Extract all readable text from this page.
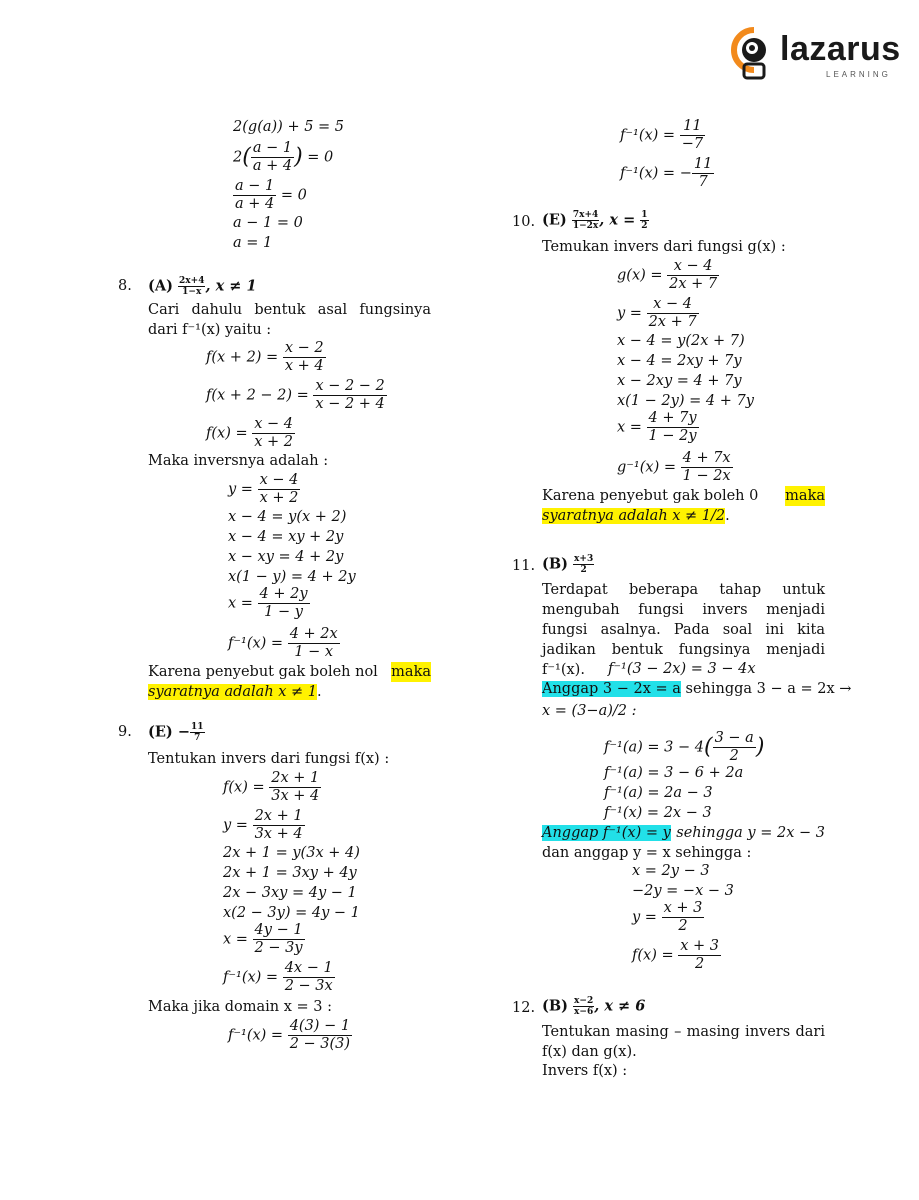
lazarus
LEARNING
2(g(a)) + 5 = 5
$2( \frac{a - 1}{a + 4}$ ) = 0
$\frac{a - 1}{a + 4} = 0$
a − 1 = 0
a = 1
8. $(A) \frac{2x+4}{1-x}$ , x ≠ 1
Cari dahulu bentuk asal fungsinya dari f⁻¹(x) yaitu :
$f(x + 2) = \frac{x - 2}{x + 4}$
$f(x + 2 - 2) = \frac{x - 2 - 2}{x - 2 + 4}$
$f(x) = \frac{x - 4}{x + 2}$
Maka inversnya adalah :
$y = \frac{x - 4}{x + 2}$
x − 4 = y(x + 2)
x − 4 = xy + 2y
x − xy = 4 + 2y
x(1 − y) = 4 + 2y
$x = \frac{4 + 2y}{1 - y}$
$f^{-1}(x) = \frac{4 + 2x}{1 - x}$
Karena penyebut gak boleh nol maka

syaratnya adalah x ≠ 1.
9. $(E) - \frac{11}{7}$
Tentukan invers dari fungsi f(x) :
$f(x) = \frac{2x + 1}{3x + 4}$
$y = \frac{2x + 1}{3x + 4}$
2x + 1 = y(3x + 4)
2x + 1 = 3xy + 4y
2x − 3xy = 4y − 1
x(2 − 3y) = 4y − 1
$x = \frac{4y - 1}{2 - 3y}$
$f^{-1}(x) = \frac{4x - 1}{2 - 3x}$
Maka jika domain x = 3 :
$f^{-1}(x) = \frac{4(3) - 1}{2 - 3(3)}$
$f^{-1}(x) = \frac{11}{-7}$
f⁻¹(x) = − $\frac{11}{7}$
10. $(E) \frac{7x+4}{1-2x}$ , $x = \frac{1}{2}$
Temukan invers dari fungsi g(x) :
$g(x) = \frac{x - 4}{2x + 7}$
$y = \frac{x - 4}{2x + 7}$
x − 4 = y(2x + 7)
x − 4 = 2xy + 7y
x − 2xy = 4 + 7y
x(1 − 2y) = 4 + 7y
$x = \frac{4 + 7y}{1 - 2y}$
$g^{-1}(x) = \frac{4 + 7x}{1 - 2x}$
Karena penyebut gak boleh 0 maka

syaratnya adalah x ≠ 1/2.
11. $(B) \frac{x+3}{2}$
Terdapat beberapa tahap untuk mengubah fungsi invers menjadi fungsi asalnya. Pada soal ini kita jadikan bentuk fungsinya menjadi f⁻¹(x).	f⁻¹(3 − 2x) = 3 − 4x
Anggap 3 − 2x = a sehingga 3 − a = 2x →
x = (3−a)/2 :
$f^{-1}(a) = 3 - 4( \frac{3 - a}{2}$ )
f⁻¹(a) = 3 − 6 + 2a
f⁻¹(a) = 2a − 3
f⁻¹(x) = 2x − 3
Anggap f⁻¹(x) = y sehingga y = 2x − 3
dan anggap y = x sehingga :
x = 2y − 3
−2y = −x − 3
$y = \frac{x + 3}{2}$
$f(x) = \frac{x + 3}{2}$
12. $(B) \frac{x-2}{x-6}$ , x ≠ 6
Tentukan masing – masing invers dari f(x) dan g(x).
Invers f(x) :
